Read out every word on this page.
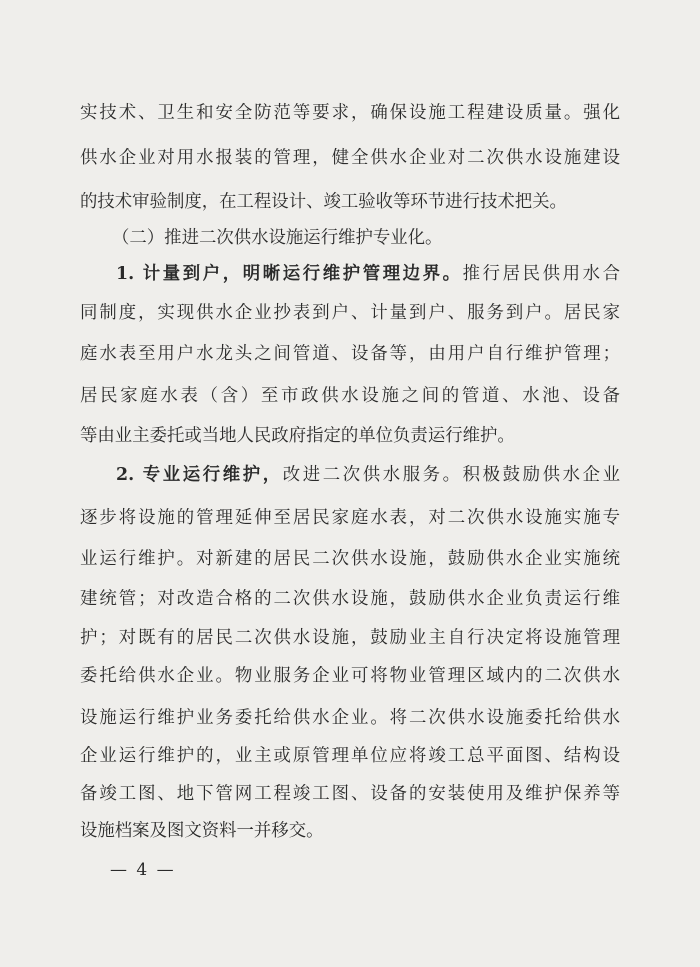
实技术、卫生和安全防范等要求，确保设施工程建设质量。强化
供水企业对用水报装的管理，健全供水企业对二次供水设施建设
的技术审验制度，在工程设计、竣工验收等环节进行技术把关。
（二）推进二次供水设施运行维护专业化。
1. 计量到户，明晰运行维护管理边界。推行居民供用水合
同制度，实现供水企业抄表到户、计量到户、服务到户。居民家
庭水表至用户水龙头之间管道、设备等，由用户自行维护管理；
居民家庭水表（含）至市政供水设施之间的管道、水池、设备
等由业主委托或当地人民政府指定的单位负责运行维护。
2. 专业运行维护，改进二次供水服务。积极鼓励供水企业
逐步将设施的管理延伸至居民家庭水表，对二次供水设施实施专
业运行维护。对新建的居民二次供水设施，鼓励供水企业实施统
建统管；对改造合格的二次供水设施，鼓励供水企业负责运行维
护；对既有的居民二次供水设施，鼓励业主自行决定将设施管理
委托给供水企业。物业服务企业可将物业管理区域内的二次供水
设施运行维护业务委托给供水企业。将二次供水设施委托给供水
企业运行维护的，业主或原管理单位应将竣工总平面图、结构设
备竣工图、地下管网工程竣工图、设备的安装使用及维护保养等
设施档案及图文资料一并移交。
— 4 —
